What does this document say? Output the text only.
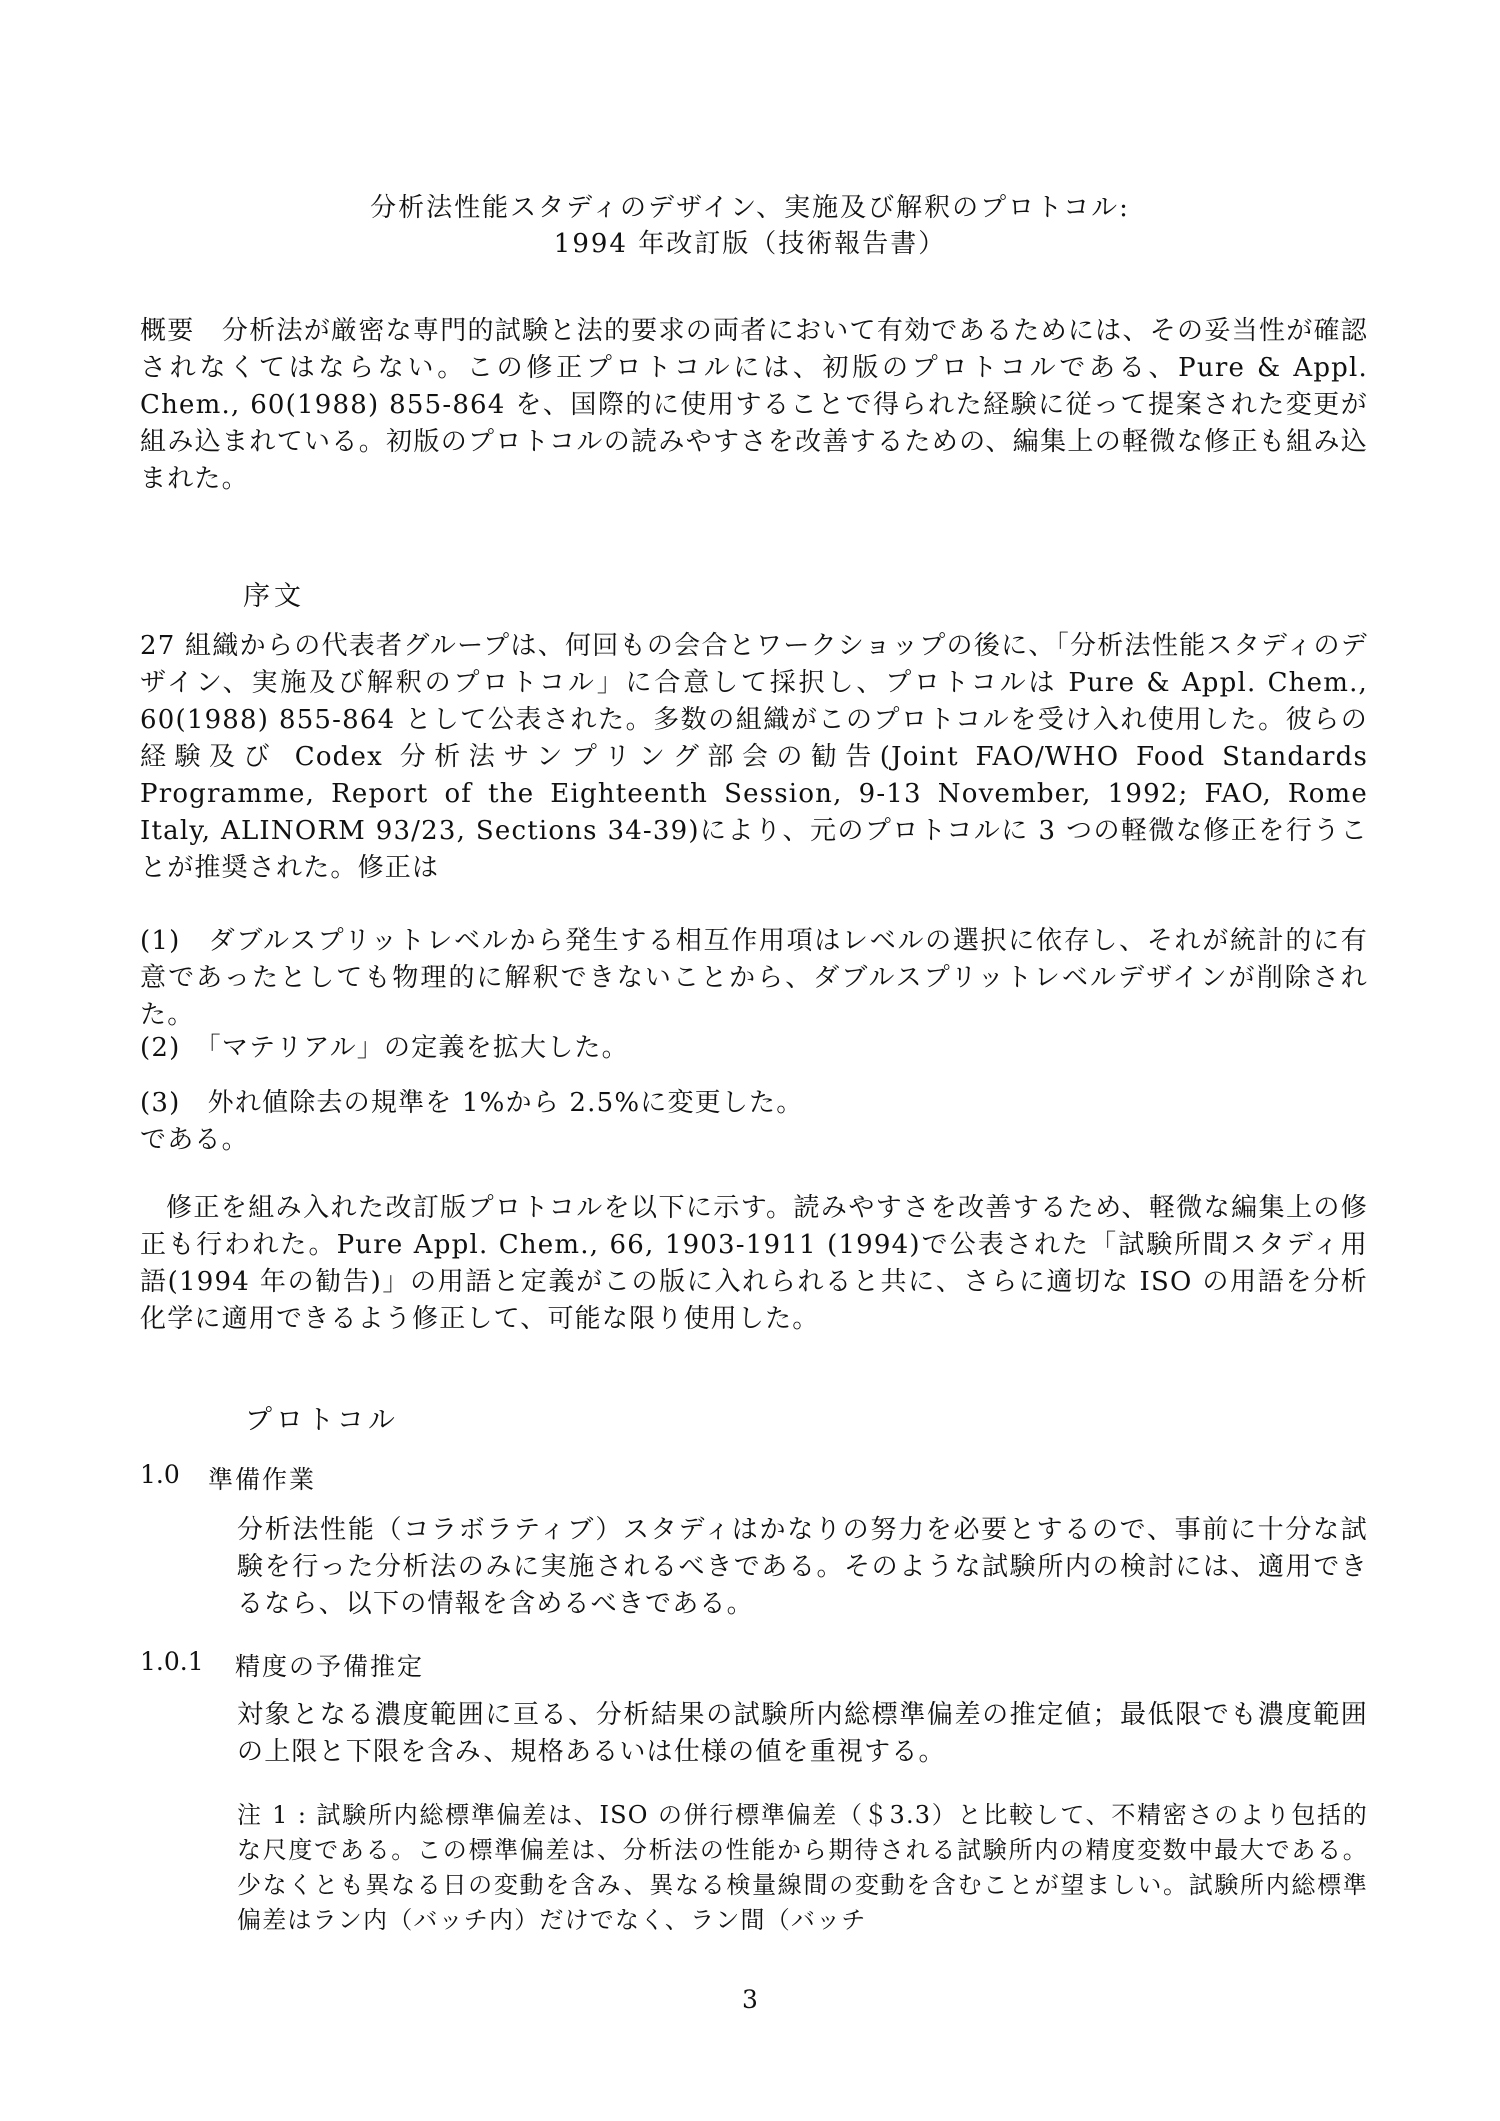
分析法性能スタディのデザイン、実施及び解釈のプロトコル:
1994 年改訂版（技術報告書）
概要　分析法が厳密な専門的試験と法的要求の両者において有効であるためには、その妥当性が確認されなくてはならない。この修正プロトコルには、初版のプロトコルである、Pure & Appl. Chem., 60(1988) 855-864 を、国際的に使用することで得られた経験に従って提案された変更が組み込まれている。初版のプロトコルの読みやすさを改善するための、編集上の軽微な修正も組み込まれた。
序文
27 組織からの代表者グループは、何回もの会合とワークショップの後に、「分析法性能スタディのデザイン、実施及び解釈のプロトコル」に合意して採択し、プロトコルは Pure & Appl. Chem., 60(1988) 855-864 として公表された。多数の組織がこのプロトコルを受け入れ使用した。彼らの経験及び Codex 分析法サンプリング部会の勧告(Joint FAO/WHO Food Standards Programme, Report of the Eighteenth Session, 9-13 November, 1992; FAO, Rome Italy, ALINORM 93/23, Sections 34-39)により、元のプロトコルに 3 つの軽微な修正を行うことが推奨された。修正は
(1)　ダブルスプリットレベルから発生する相互作用項はレベルの選択に依存し、それが統計的に有意であったとしても物理的に解釈できないことから、ダブルスプリットレベルデザインが削除された。
(2)　「マテリアル」の定義を拡大した。
(3)　外れ値除去の規準を 1%から 2.5%に変更した。
である。
修正を組み入れた改訂版プロトコルを以下に示す。読みやすさを改善するため、軽微な編集上の修正も行われた。Pure Appl. Chem., 66, 1903-1911 (1994)で公表された「試験所間スタディ用語(1994 年の勧告)」の用語と定義がこの版に入れられると共に、さらに適切な ISO の用語を分析化学に適用できるよう修正して、可能な限り使用した。
プロトコル
1.0 準備作業
分析法性能（コラボラティブ）スタディはかなりの努力を必要とするので、事前に十分な試験を行った分析法のみに実施されるべきである。そのような試験所内の検討には、適用できるなら、以下の情報を含めるべきである。
1.0.1 精度の予備推定
対象となる濃度範囲に亘る、分析結果の試験所内総標準偏差の推定値；最低限でも濃度範囲の上限と下限を含み、規格あるいは仕様の値を重視する。
注 1 : 試験所内総標準偏差は、ISO の併行標準偏差（＄3.3）と比較して、不精密さのより包括的な尺度である。この標準偏差は、分析法の性能から期待される試験所内の精度変数中最大である。少なくとも異なる日の変動を含み、異なる検量線間の変動を含むことが望ましい。試験所内総標準偏差はラン内（バッチ内）だけでなく、ラン間（バッチ
3
